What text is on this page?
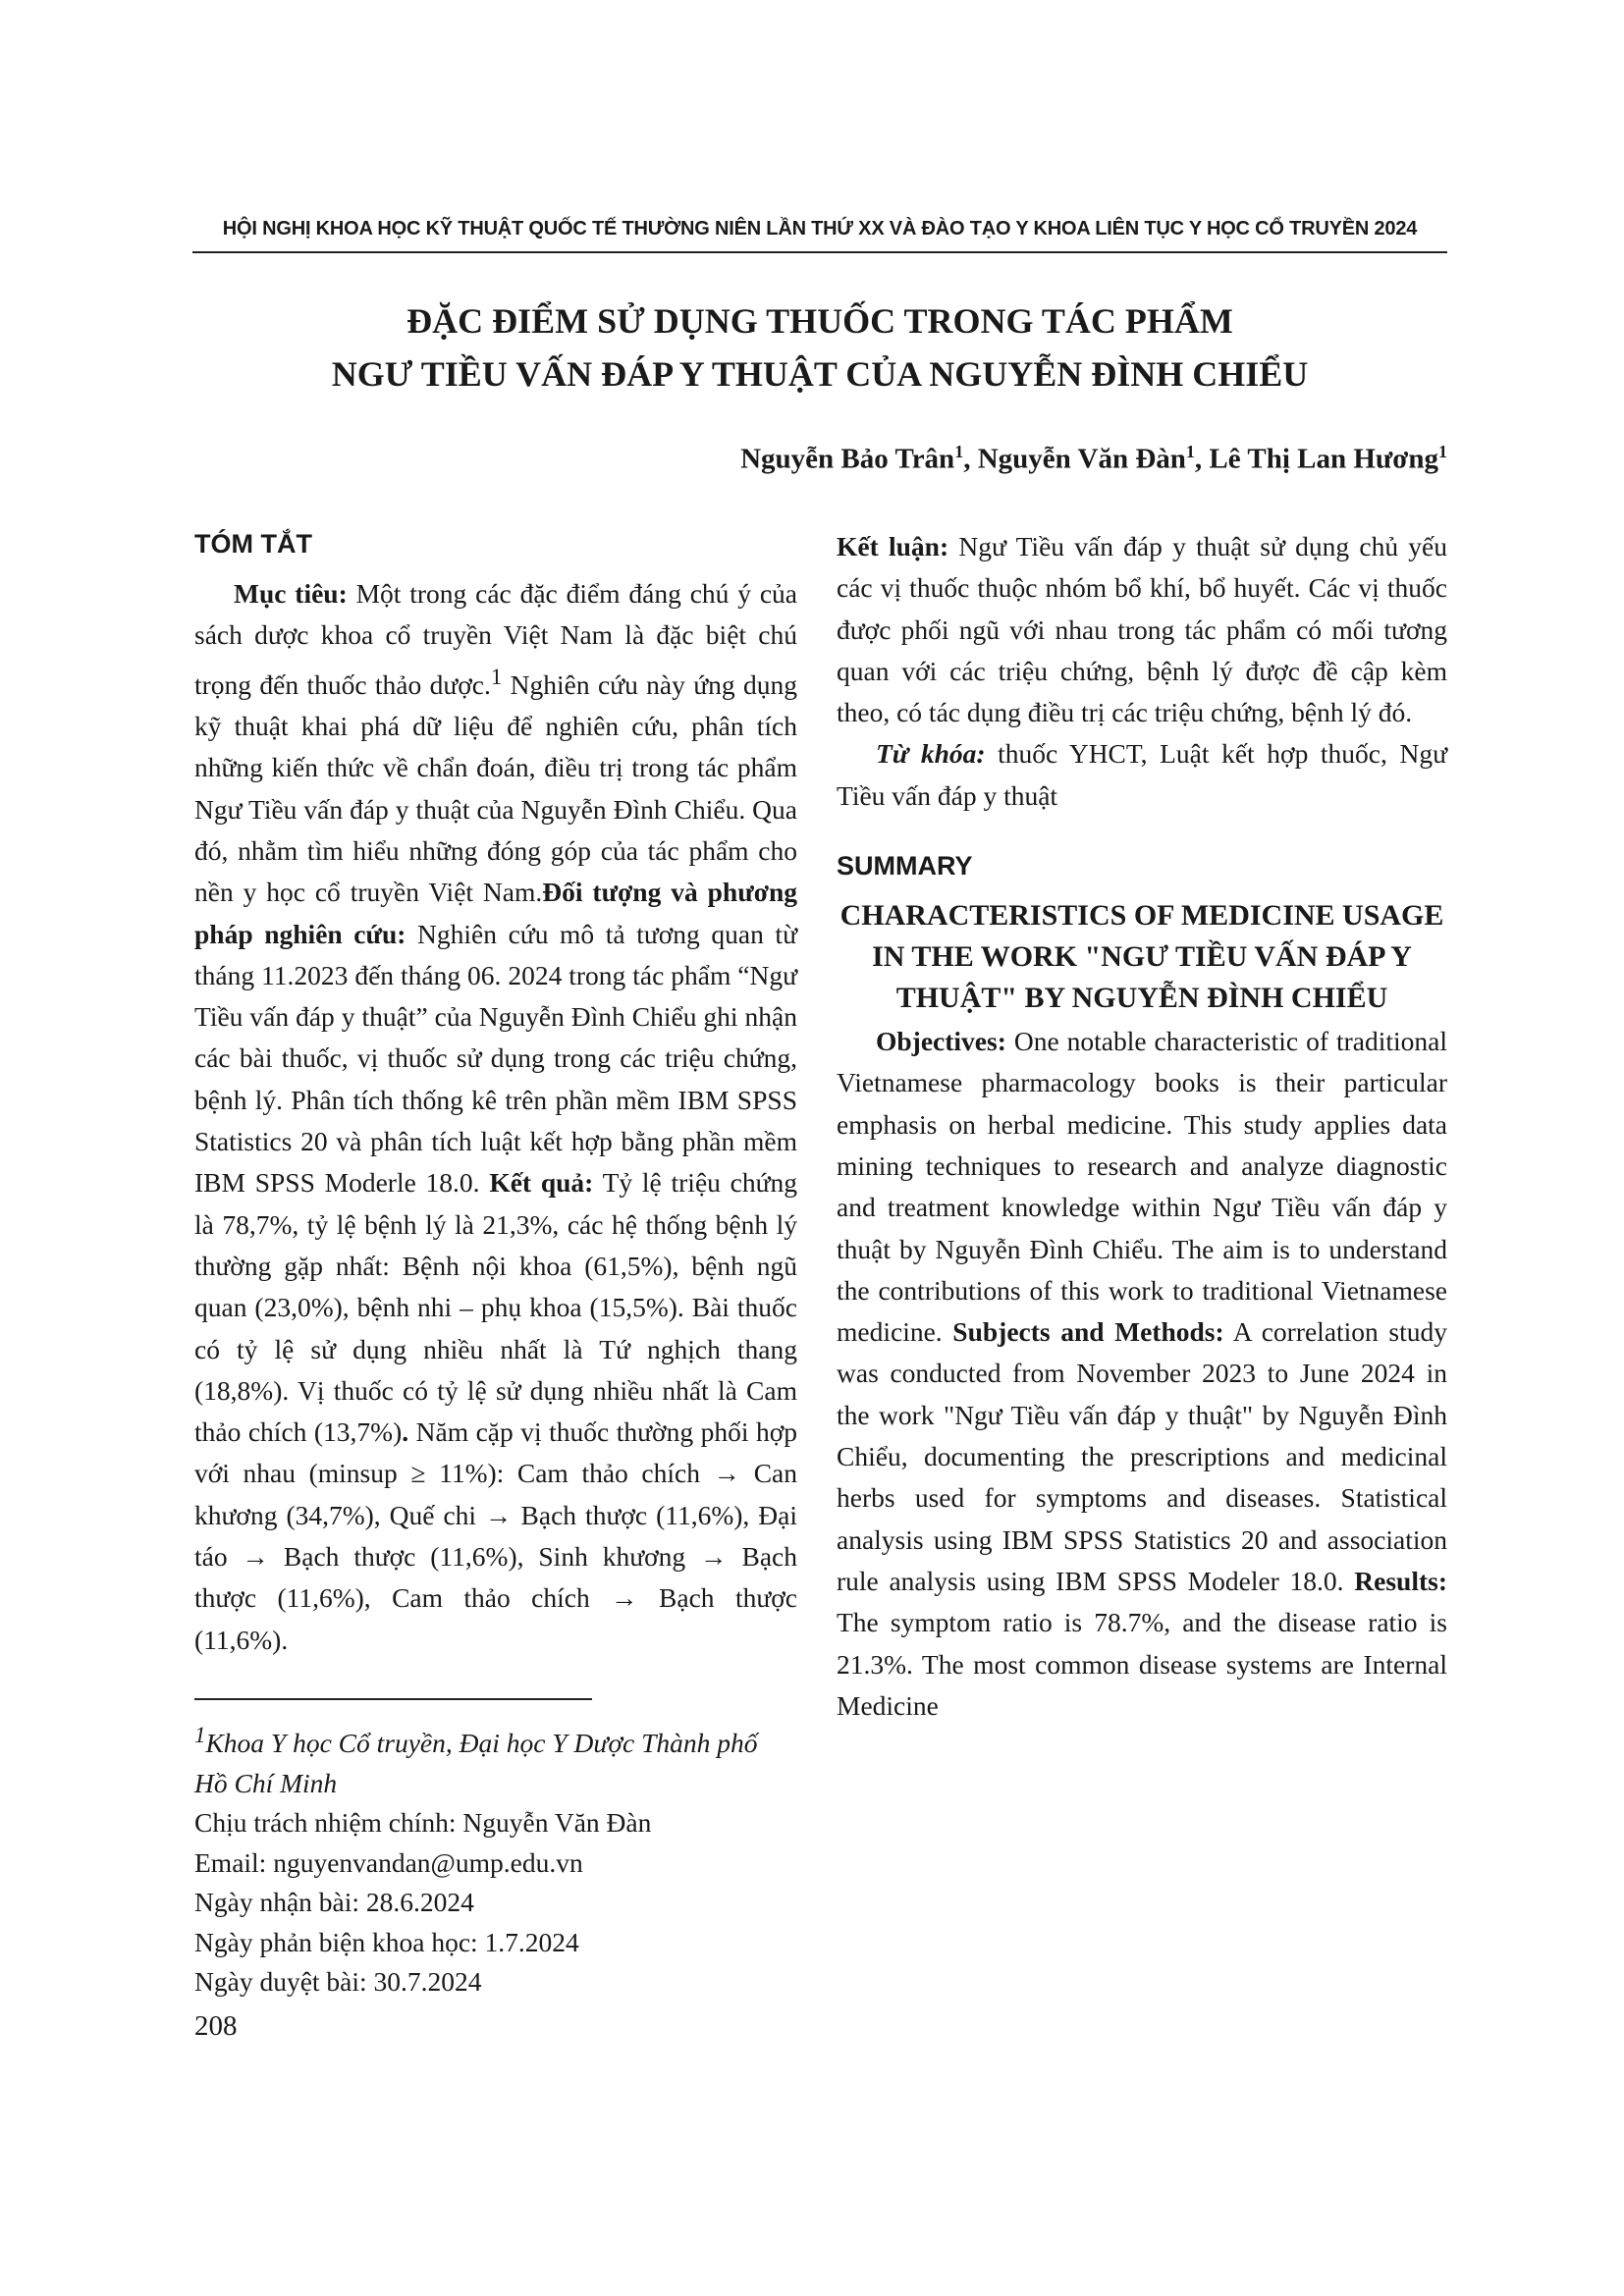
HỘI NGHỊ KHOA HỌC KỸ THUẬT QUỐC TẾ THƯỜNG NIÊN LẦN THỨ XX VÀ ĐÀO TẠO Y KHOA LIÊN TỤC Y HỌC CỔ TRUYỀN 2024
ĐẶC ĐIỂM SỬ DỤNG THUỐC TRONG TÁC PHẨM
NGƯ TIỀU VẤN ĐÁP Y THUẬT CỦA NGUYỄN ĐÌNH CHIỂU
Nguyễn Bảo Trân$^1$, Nguyễn Văn Đàn$^1$, Lê Thị Lan Hương$^1$
TÓM TẮT

Mục tiêu: Một trong các đặc điểm đáng chú ý của sách dược khoa cổ truyền Việt Nam là đặc biệt chú trọng đến thuốc thảo dược.$^1$ Nghiên cứu này ứng dụng kỹ thuật khai phá dữ liệu để nghiên cứu, phân tích những kiến thức về chẩn đoán, điều trị trong tác phẩm Ngư Tiều vấn đáp y thuật của Nguyễn Đình Chiểu. Qua đó, nhằm tìm hiểu những đóng góp của tác phẩm cho nền y học cổ truyền Việt Nam.Đối tượng và phương pháp nghiên cứu: Nghiên cứu mô tả tương quan từ tháng 11.2023 đến tháng 06. 2024 trong tác phẩm “Ngư Tiều vấn đáp y thuật” của Nguyễn Đình Chiểu ghi nhận các bài thuốc, vị thuốc sử dụng trong các triệu chứng, bệnh lý. Phân tích thống kê trên phần mềm IBM SPSS Statistics 20 và phân tích luật kết hợp bằng phần mềm IBM SPSS Moderle 18.0. Kết quả: Tỷ lệ triệu chứng là 78,7%, tỷ lệ bệnh lý là 21,3%, các hệ thống bệnh lý thường gặp nhất: Bệnh nội khoa (61,5%), bệnh ngũ quan (23,0%), bệnh nhi – phụ khoa (15,5%). Bài thuốc có tỷ lệ sử dụng nhiều nhất là Tứ nghịch thang (18,8%). Vị thuốc có tỷ lệ sử dụng nhiều nhất là Cam thảo chích (13,7%). Năm cặp vị thuốc thường phối hợp với nhau (minsup ≥ 11%): Cam thảo chích → Can khương (34,7%), Quế chi → Bạch thược (11,6%), Đại táo → Bạch thược (11,6%), Sinh khương → Bạch thược (11,6%), Cam thảo chích → Bạch thược (11,6%).

Kết luận: Ngư Tiều vấn đáp y thuật sử dụng chủ yếu các vị thuốc thuộc nhóm bổ khí, bổ huyết. Các vị thuốc được phối ngũ với nhau trong tác phẩm có mối tương quan với các triệu chứng, bệnh lý được đề cập kèm theo, có tác dụng điều trị các triệu chứng, bệnh lý đó.

Từ khóa: thuốc YHCT, Luật kết hợp thuốc, Ngư Tiều vấn đáp y thuật

SUMMARY
CHARACTERISTICS OF MEDICINE USAGE IN THE WORK "NGƯ TIỀU VẤN ĐÁP Y THUẬT" BY NGUYỄN ĐÌNH CHIỂU

Objectives: One notable characteristic of traditional Vietnamese pharmacology books is their particular emphasis on herbal medicine. This study applies data mining techniques to research and analyze diagnostic and treatment knowledge within Ngư Tiều vấn đáp y thuật by Nguyễn Đình Chiểu. The aim is to understand the contributions of this work to traditional Vietnamese medicine. Subjects and Methods: A correlation study was conducted from November 2023 to June 2024 in the work "Ngư Tiều vấn đáp y thuật" by Nguyễn Đình Chiểu, documenting the prescriptions and medicinal herbs used for symptoms and diseases. Statistical analysis using IBM SPSS Statistics 20 and association rule analysis using IBM SPSS Modeler 18.0. Results: The symptom ratio is 78.7%, and the disease ratio is 21.3%. The most common disease systems are Internal Medicine

$^1$Khoa Y học Cổ truyền, Đại học Y Dược Thành phố Hồ Chí Minh
Chịu trách nhiệm chính: Nguyễn Văn Đàn
Email: nguyenvandan@ump.edu.vn
Ngày nhận bài: 28.6.2024
Ngày phản biện khoa học: 1.7.2024
Ngày duyệt bài: 30.7.2024
208
